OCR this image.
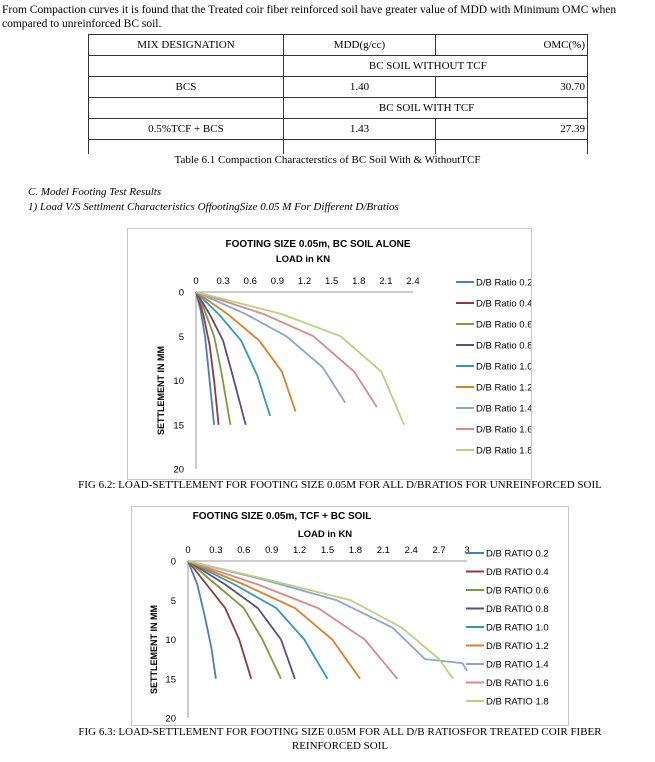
From Compaction curves it is found that the Treated coir fiber reinforced soil have greater value of MDD with Minimum OMC when compared to unreinforced BC soil.
MIX DESIGNATION	MDD(g/cc)	OMC(%)
	BC SOIL WITHOUT TCF	
BCS	1.40	30.70
	BC SOIL WITH TCF	
0.5%TCF + BCS	1.43	27.39

Table 6.1 Compaction Characterstics of BC Soil With & WithoutTCF
C. Model Footing Test Results
1) Load V/S Settlment Characteristics OffootingSize 0.05 M For Different D/Bratios
FOOTING SIZE 0.05m, BC SOIL ALONE
LOAD in KN
0 0.3 0.6 0.9 1.2 1.5 1.8 2.1 2.4
0
5
10
15
20
SETTLEMENT IN MM
D/B Ratio 0.2
D/B Ratio 0.4
D/B Ratio 0.6
D/B Ratio 0.8
D/B Ratio 1.0
D/B Ratio 1.2
D/B Ratio 1.4
D/B Ratio 1.6
D/B Ratio 1.8
FIG 6.2: LOAD-SETTLEMENT FOR FOOTING SIZE 0.05M FOR ALL D/BRATIOS FOR UNREINFORCED SOIL
FOOTING SIZE 0.05m, TCF + BC SOIL
LOAD in KN
0 0.3 0.6 0.9 1.2 1.5 1.8 2.1 2.4 2.7 3
0
5
10
15
20
SETTLEMENT IN MM
D/B RATIO 0.2
D/B RATIO 0.4
D/B RATIO 0.6
D/B RATIO 0.8
D/B RATIO 1.0
D/B RATIO 1.2
D/B RATIO 1.4
D/B RATIO 1.6
D/B RATIO 1.8
FIG 6.3: LOAD-SETTLEMENT FOR FOOTING SIZE 0.05M FOR ALL D/B RATIOSFOR TREATED COIR FIBER REINFORCED SOIL
